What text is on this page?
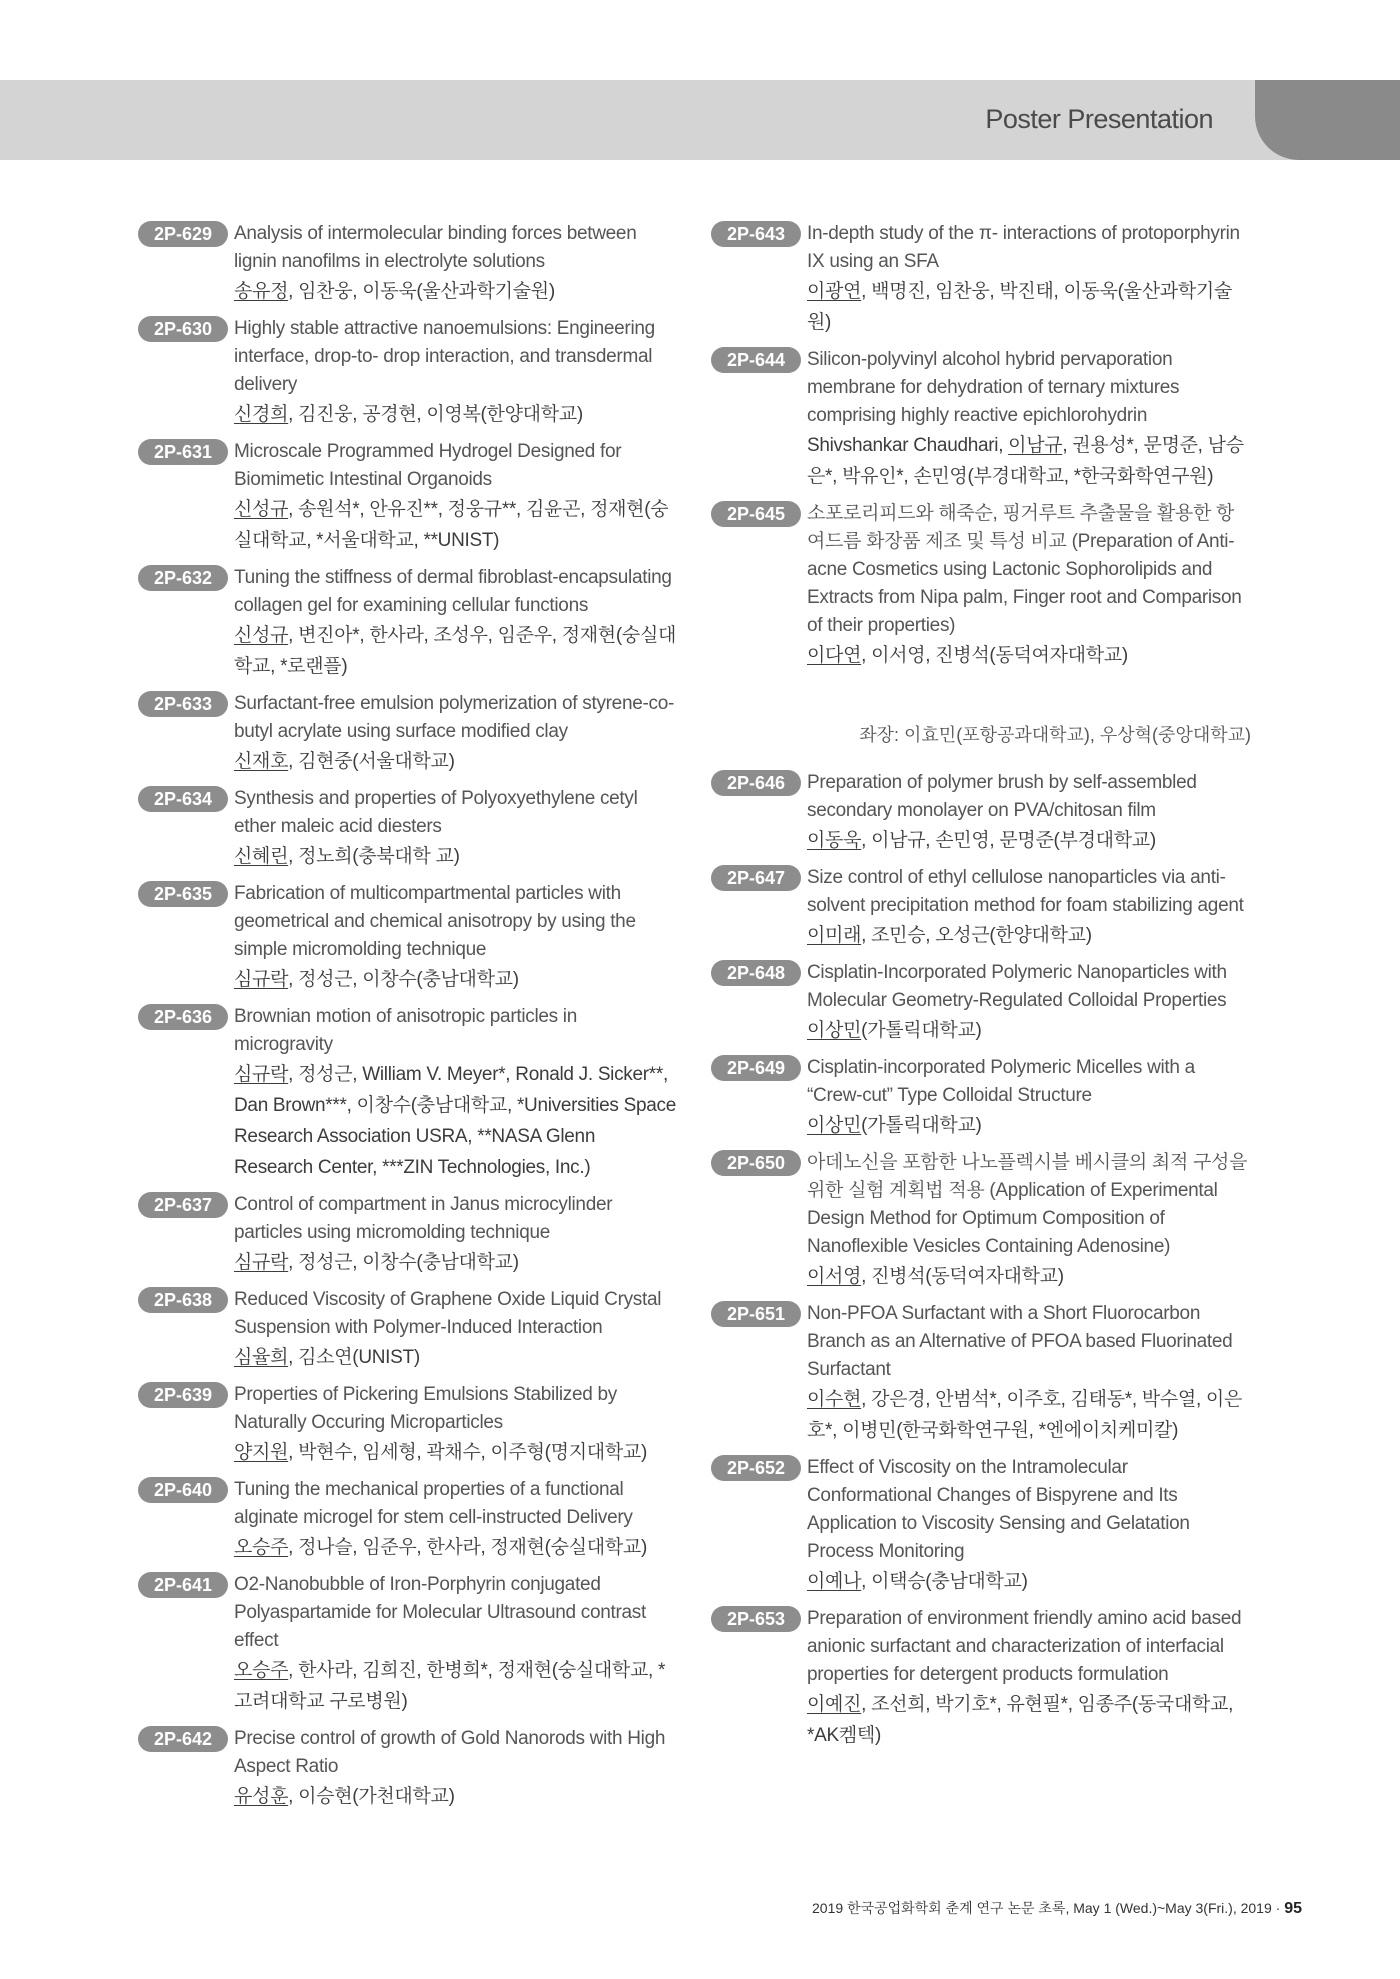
Poster Presentation
2P-629	Analysis of intermolecular binding forces between lignin nanofilms in electrolyte solutions
송유정, 임찬웅, 이동욱(울산과학기술원)
2P-630	Highly stable attractive nanoemulsions: Engineering interface, drop-to- drop interaction, and transdermal delivery
신경희, 김진웅, 공경현, 이영복(한양대학교)
2P-631	Microscale Programmed Hydrogel Designed for Biomimetic Intestinal Organoids
신성규, 송원석*, 안유진**, 정웅규**, 김윤곤, 정재현(숭실대학교, *서울대학교, **UNIST)
2P-632	Tuning the stiffness of dermal fibroblast-encapsulating collagen gel for examining cellular functions
신성규, 변진아*, 한사라, 조성우, 임준우, 정재현(숭실대학교, *로랜플)
2P-633	Surfactant-free emulsion polymerization of styrene-co-butyl acrylate using surface modified clay
신재호, 김현중(서울대학교)
2P-634	Synthesis and properties of Polyoxyethylene cetyl ether maleic acid diesters
신혜린, 정노희(충북대학 교)
2P-635	Fabrication of multicompartmental particles with geometrical and chemical anisotropy by using the simple micromolding technique
심규락, 정성근, 이창수(충남대학교)
2P-636	Brownian motion of anisotropic particles in microgravity
심규락, 정성근, William V. Meyer*, Ronald J. Sicker**, Dan Brown***, 이창수(충남대학교, *Universities Space Research Association USRA, **NASA Glenn Research Center, ***ZIN Technologies, Inc.)
2P-637	Control of compartment in Janus microcylinder particles using micromolding technique
심규락, 정성근, 이창수(충남대학교)
2P-638	Reduced Viscosity of Graphene Oxide Liquid Crystal Suspension with Polymer-Induced Interaction
심율희, 김소연(UNIST)
2P-639	Properties of Pickering Emulsions Stabilized by Naturally Occuring Microparticles
양지원, 박현수, 임세형, 곽채수, 이주형(명지대학교)
2P-640	Tuning the mechanical properties of a functional alginate microgel for stem cell-instructed Delivery
오승주, 정나슬, 임준우, 한사라, 정재현(숭실대학교)
2P-641	O2-Nanobubble of Iron-Porphyrin conjugated Polyaspartamide for Molecular Ultrasound contrast effect
오승주, 한사라, 김희진, 한병희*, 정재현(숭실대학교, *고려대학교 구로병원)
2P-642	Precise control of growth of Gold Nanorods with High Aspect Ratio
유성훈, 이승현(가천대학교)
2P-643	In-depth study of the π- interactions of protoporphyrin IX using an SFA
이광연, 백명진, 임찬웅, 박진태, 이동욱(울산과학기술원)
2P-644	Silicon-polyvinyl alcohol hybrid pervaporation membrane for dehydration of ternary mixtures comprising highly reactive epichlorohydrin
Shivshankar Chaudhari, 이남규, 권용성*, 문명준, 남승은*, 박유인*, 손민영(부경대학교, *한국화학연구원)
2P-645	소포로리피드와 해죽순, 핑거루트 추출물을 활용한 항여드름 화장품 제조 및 특성 비교 (Preparation of Anti-acne Cosmetics using Lactonic Sophorolipids and Extracts from Nipa palm, Finger root and Comparison of their properties)
이다연, 이서영, 진병석(동덕여자대학교)
좌장: 이효민(포항공과대학교), 우상혁(중앙대학교)
2P-646	Preparation of polymer brush by self-assembled secondary monolayer on PVA/chitosan film
이동욱, 이남규, 손민영, 문명준(부경대학교)
2P-647	Size control of ethyl cellulose nanoparticles via anti-solvent precipitation method for foam stabilizing agent
이미래, 조민승, 오성근(한양대학교)
2P-648	Cisplatin-Incorporated Polymeric Nanoparticles with Molecular Geometry-Regulated Colloidal Properties
이상민(가톨릭대학교)
2P-649	Cisplatin-incorporated Polymeric Micelles with a “Crew-cut” Type Colloidal Structure
이상민(가톨릭대학교)
2P-650	아데노신을 포함한 나노플렉시블 베시클의 최적 구성을 위한 실험 계획법 적용 (Application of Experimental Design Method for Optimum Composition of Nanoflexible Vesicles Containing Adenosine)
이서영, 진병석(동덕여자대학교)
2P-651	Non-PFOA Surfactant with a Short Fluorocarbon Branch as an Alternative of PFOA based Fluorinated Surfactant
이수현, 강은경, 안범석*, 이주호, 김태동*, 박수열, 이은호*, 이병민(한국화학연구원, *엔에이치케미칼)
2P-652	Effect of Viscosity on the Intramolecular Conformational Changes of Bispyrene and Its Application to Viscosity Sensing and Gelatation Process Monitoring
이예나, 이택승(충남대학교)
2P-653	Preparation of environment friendly amino acid based anionic surfactant and characterization of interfacial properties for detergent products formulation
이예진, 조선희, 박기호*, 유현필*, 임종주(동국대학교, *AK켐텍)
2019 한국공업화학회 춘계 연구 논문 초록, May 1 (Wed.)~May 3(Fri.), 2019 · 95
